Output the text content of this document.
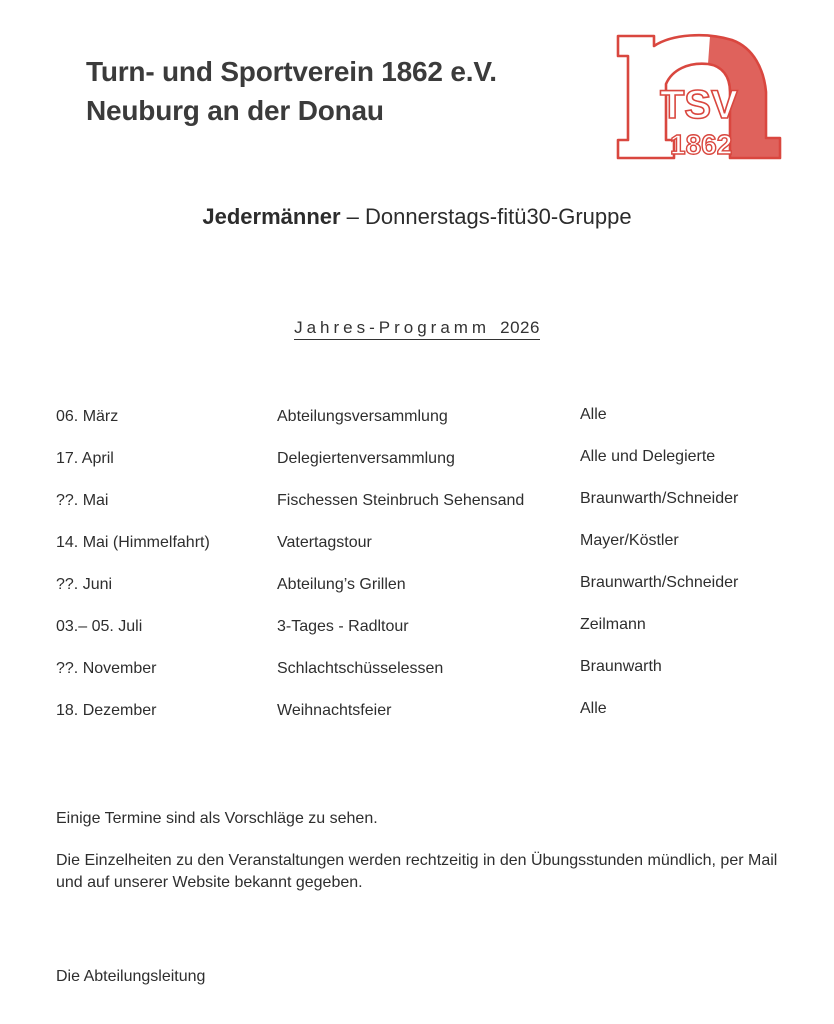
Turn- und Sportverein 1862 e.V.
Neuburg an der Donau	TSV
1862
Jedermänner – Donnerstags-fitü30-Gruppe
Jahres-Programm 2026
06. März	Abteilungsversammlung	Alle
17. April	Delegiertenversammlung	Alle und Delegierte
??. Mai	Fischessen Steinbruch Sehensand	Braunwarth/Schneider
14. Mai (Himmelfahrt)	Vatertagstour	Mayer/Köstler
??. Juni	Abteilung’s Grillen	Braunwarth/Schneider
03.– 05. Juli	3-Tages - Radltour	Zeilmann
??. November	Schlachtschüsselessen	Braunwarth
18. Dezember	Weihnachtsfeier	Alle

Einige Termine sind als Vorschläge zu sehen.

Die Einzelheiten zu den Veranstaltungen werden rechtzeitig in den Übungsstunden mündlich, per Mail und auf unserer Website bekannt gegeben.

Die Abteilungsleitung
